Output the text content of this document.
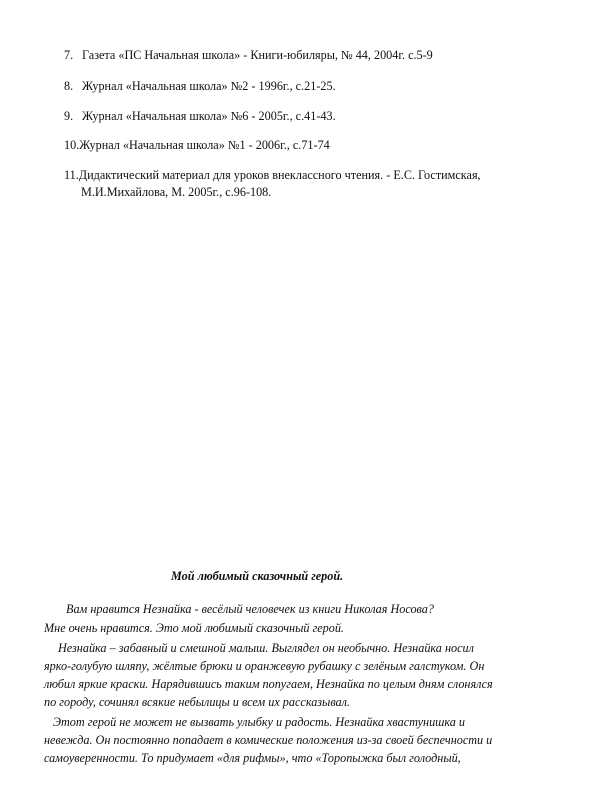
7. Газета «ПС Начальная школа» - Книги-юбиляры, № 44, 2004г. с.5-9
8. Журнал «Начальная школа» №2 - 1996г., с.21-25.
9. Журнал «Начальная школа» №6 - 2005г., с.41-43.
10.Журнал «Начальная школа» №1 - 2006г., с.71-74
11.Дидактический материал для уроков внеклассного чтения. - Е.С. Гостимская,
М.И.Михайлова, М. 2005г., с.96-108.
Мой любимый сказочный герой.
Вам нравится Незнайка - весёлый человечек из книги Николая Носова?
Мне очень нравится. Это мой любимый сказочный герой.
Незнайка – забавный и смешной малыш. Выглядел он необычно. Незнайка носил
ярко-голубую шляпу, жёлтые брюки и оранжевую рубашку с зелёным галстуком. Он
любил яркие краски. Нарядившись таким попугаем, Незнайка по целым дням слонялся
по городу, сочинял всякие небылицы и всем их рассказывал.
Этот герой не может не вызвать улыбку и радость. Незнайка хвастунишка и
невежда. Он постоянно попадает в комические положения из-за своей беспечности и
самоуверенности. То придумает «для рифмы», что «Торопыжка был голодный,
